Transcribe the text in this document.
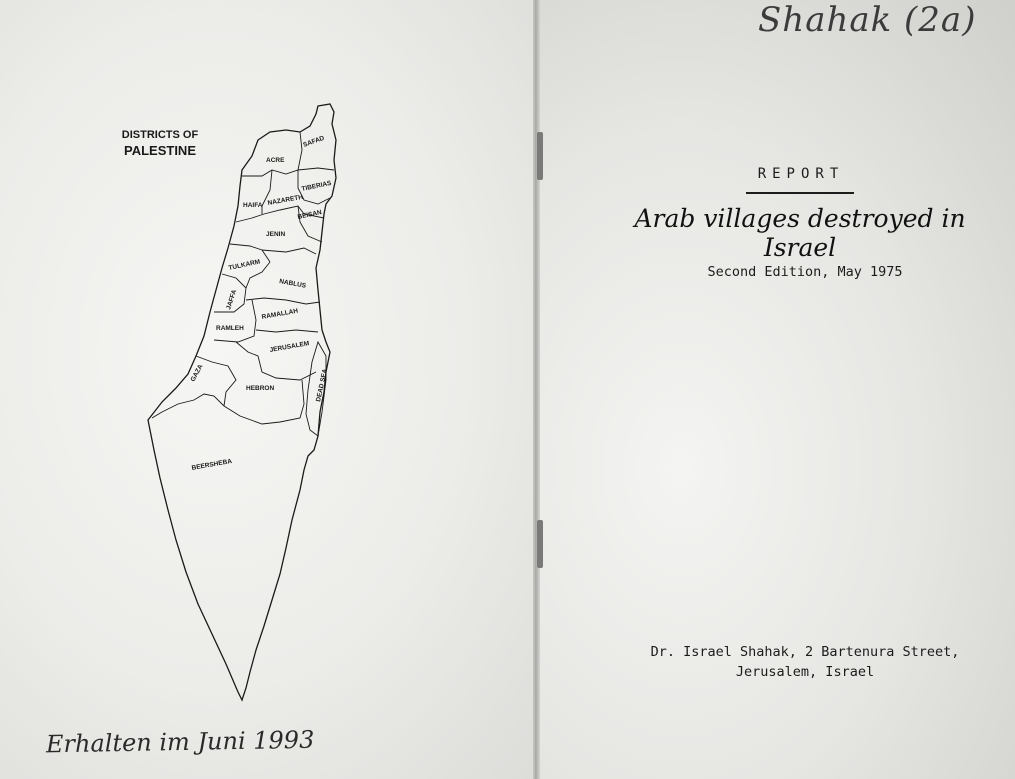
DISTRICTS OF
PALESTINE
ACRE
SAFAD
HAIFA NAZARETH
TIBERIAS
BEISAN
JENIN
TULKARM
NABLUS
JAFFA
RAMLEH
RAMALLAH
JERUSALEM
GAZA
HEBRON	DEAD SEA
BEERSHEBA
Shahak (2a)
Erhalten im Juni 1993
REPORT
Arab villages destroyed in Israel
Second Edition, May 1975
Dr. Israel Shahak, 2 Bartenura Street,
Jerusalem, Israel
